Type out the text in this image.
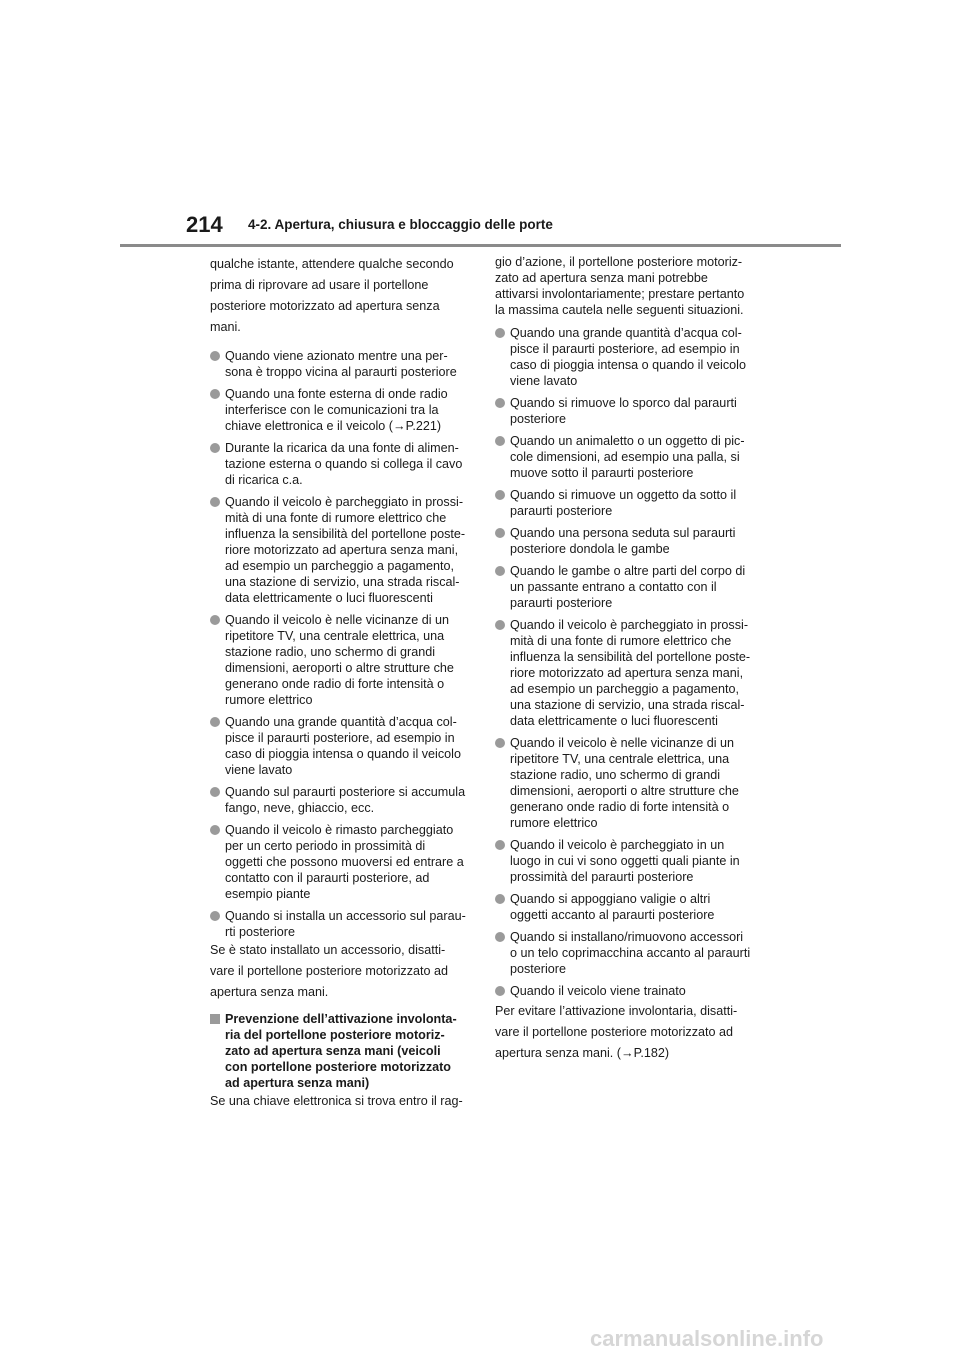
214 4-2. Apertura, chiusura e bloccaggio delle porte
qualche istante, attendere qualche secondo
prima di riprovare ad usare il portellone
posteriore motorizzato ad apertura senza
mani.
Quando viene azionato mentre una per-
sona è troppo vicina al paraurti posteriore
Quando una fonte esterna di onde radio
interferisce con le comunicazioni tra la
chiave elettronica e il veicolo (→P.221)
Durante la ricarica da una fonte di alimen-
tazione esterna o quando si collega il cavo
di ricarica c.a.
Quando il veicolo è parcheggiato in prossi-
mità di una fonte di rumore elettrico che
influenza la sensibilità del portellone poste-
riore motorizzato ad apertura senza mani,
ad esempio un parcheggio a pagamento,
una stazione di servizio, una strada riscal-
data elettricamente o luci fluorescenti
Quando il veicolo è nelle vicinanze di un
ripetitore TV, una centrale elettrica, una
stazione radio, uno schermo di grandi
dimensioni, aeroporti o altre strutture che
generano onde radio di forte intensità o
rumore elettrico
Quando una grande quantità d’acqua col-
pisce il paraurti posteriore, ad esempio in
caso di pioggia intensa o quando il veicolo
viene lavato
Quando sul paraurti posteriore si accumula
fango, neve, ghiaccio, ecc.
Quando il veicolo è rimasto parcheggiato
per un certo periodo in prossimità di
oggetti che possono muoversi ed entrare a
contatto con il paraurti posteriore, ad
esempio piante
Quando si installa un accessorio sul parau-
rti posteriore
Se è stato installato un accessorio, disatti-
vare il portellone posteriore motorizzato ad
apertura senza mani.
Prevenzione dell’attivazione involonta-
ria del portellone posteriore motoriz-
zato ad apertura senza mani (veicoli
con portellone posteriore motorizzato
ad apertura senza mani)
Se una chiave elettronica si trova entro il rag-
gio d’azione, il portellone posteriore motoriz-
zato ad apertura senza mani potrebbe
attivarsi involontariamente; prestare pertanto
la massima cautela nelle seguenti situazioni.
Quando una grande quantità d’acqua col-
pisce il paraurti posteriore, ad esempio in
caso di pioggia intensa o quando il veicolo
viene lavato
Quando si rimuove lo sporco dal paraurti
posteriore
Quando un animaletto o un oggetto di pic-
cole dimensioni, ad esempio una palla, si
muove sotto il paraurti posteriore
Quando si rimuove un oggetto da sotto il
paraurti posteriore
Quando una persona seduta sul paraurti
posteriore dondola le gambe
Quando le gambe o altre parti del corpo di
un passante entrano a contatto con il
paraurti posteriore
Quando il veicolo è parcheggiato in prossi-
mità di una fonte di rumore elettrico che
influenza la sensibilità del portellone poste-
riore motorizzato ad apertura senza mani,
ad esempio un parcheggio a pagamento,
una stazione di servizio, una strada riscal-
data elettricamente o luci fluorescenti
Quando il veicolo è nelle vicinanze di un
ripetitore TV, una centrale elettrica, una
stazione radio, uno schermo di grandi
dimensioni, aeroporti o altre strutture che
generano onde radio di forte intensità o
rumore elettrico
Quando il veicolo è parcheggiato in un
luogo in cui vi sono oggetti quali piante in
prossimità del paraurti posteriore
Quando si appoggiano valigie o altri
oggetti accanto al paraurti posteriore
Quando si installano/rimuovono accessori
o un telo coprimacchina accanto al paraurti
posteriore
Quando il veicolo viene trainato
Per evitare l’attivazione involontaria, disatti-
vare il portellone posteriore motorizzato ad
apertura senza mani. (→P.182)
carmanualsonline.info
